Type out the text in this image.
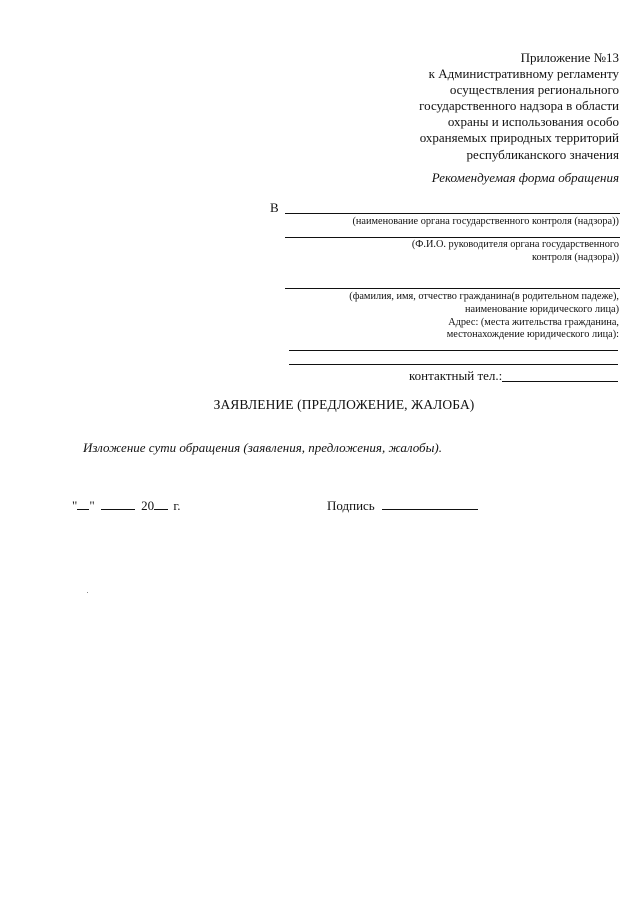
Приложение №13
к Административному регламенту
осуществления регионального
государственного надзора в области
охраны и использования особо
охраняемых природных территорий
республиканского значения
Рекомендуемая форма обращения
В
(наименование органа государственного контроля (надзора))
(Ф.И.О. руководителя органа государственного
контроля (надзора))
(фамилия, имя, отчество гражданина(в родительном падеже),
наименование юридического лица)
Адрес: (места жительства гражданина,
местонахождение юридического лица):
контактный тел.:
ЗАЯВЛЕНИЕ (ПРЕДЛОЖЕНИЕ, ЖАЛОБА)
Изложение сути обращения (заявления, предложения, жалобы).
" "	20 г.	Подпись
